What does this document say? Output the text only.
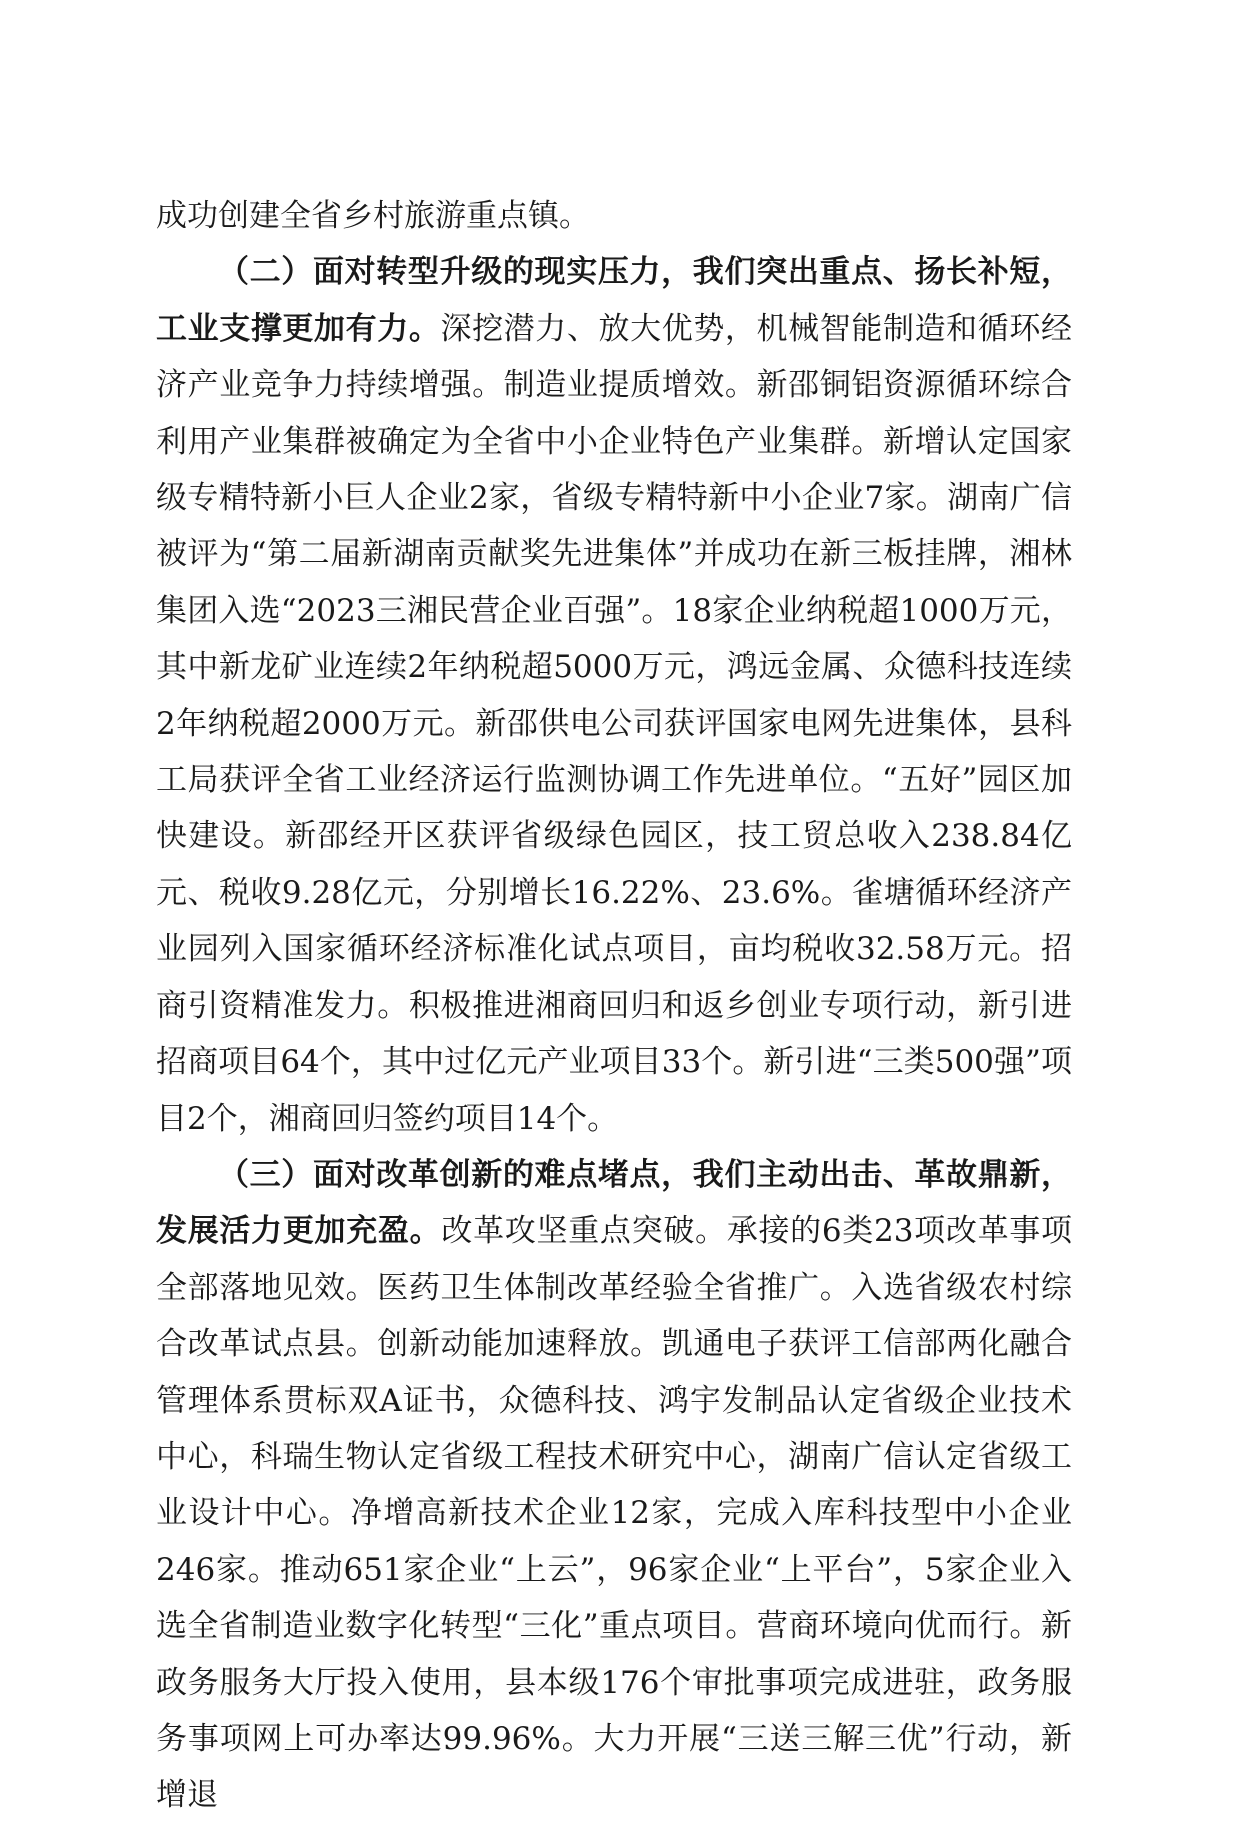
成功创建全省乡村旅游重点镇。

（二）面对转型升级的现实压力，我们突出重点、扬长补短，工业支撑更加有力。深挖潜力、放大优势，机械智能制造和循环经济产业竞争力持续增强。制造业提质增效。新邵铜铝资源循环综合利用产业集群被确定为全省中小企业特色产业集群。新增认定国家级专精特新小巨人企业2家，省级专精特新中小企业7家。湖南广信被评为“第二届新湖南贡献奖先进集体”并成功在新三板挂牌，湘林集团入选“2023三湘民营企业百强”。18家企业纳税超1000万元，其中新龙矿业连续2年纳税超5000万元，鸿远金属、众德科技连续2年纳税超2000万元。新邵供电公司获评国家电网先进集体，县科工局获评全省工业经济运行监测协调工作先进单位。“五好”园区加快建设。新邵经开区获评省级绿色园区，技工贸总收入238.84亿元、税收9.28亿元，分别增长16.22%、23.6%。雀塘循环经济产业园列入国家循环经济标准化试点项目，亩均税收32.58万元。招商引资精准发力。积极推进湘商回归和返乡创业专项行动，新引进招商项目64个，其中过亿元产业项目33个。新引进“三类500强”项目2个，湘商回归签约项目14个。

（三）面对改革创新的难点堵点，我们主动出击、革故鼎新，发展活力更加充盈。改革攻坚重点突破。承接的6类23项改革事项全部落地见效。医药卫生体制改革经验全省推广。入选省级农村综合改革试点县。创新动能加速释放。凯通电子获评工信部两化融合管理体系贯标双A证书，众德科技、鸿宇发制品认定省级企业技术中心，科瑞生物认定省级工程技术研究中心，湖南广信认定省级工业设计中心。净增高新技术企业12家，完成入库科技型中小企业246家。推动651家企业“上云”，96家企业“上平台”，5家企业入选全省制造业数字化转型“三化”重点项目。营商环境向优而行。新政务服务大厅投入使用，县本级176个审批事项完成进驻，政务服务事项网上可办率达99.96%。大力开展“三送三解三优”行动，新增退
